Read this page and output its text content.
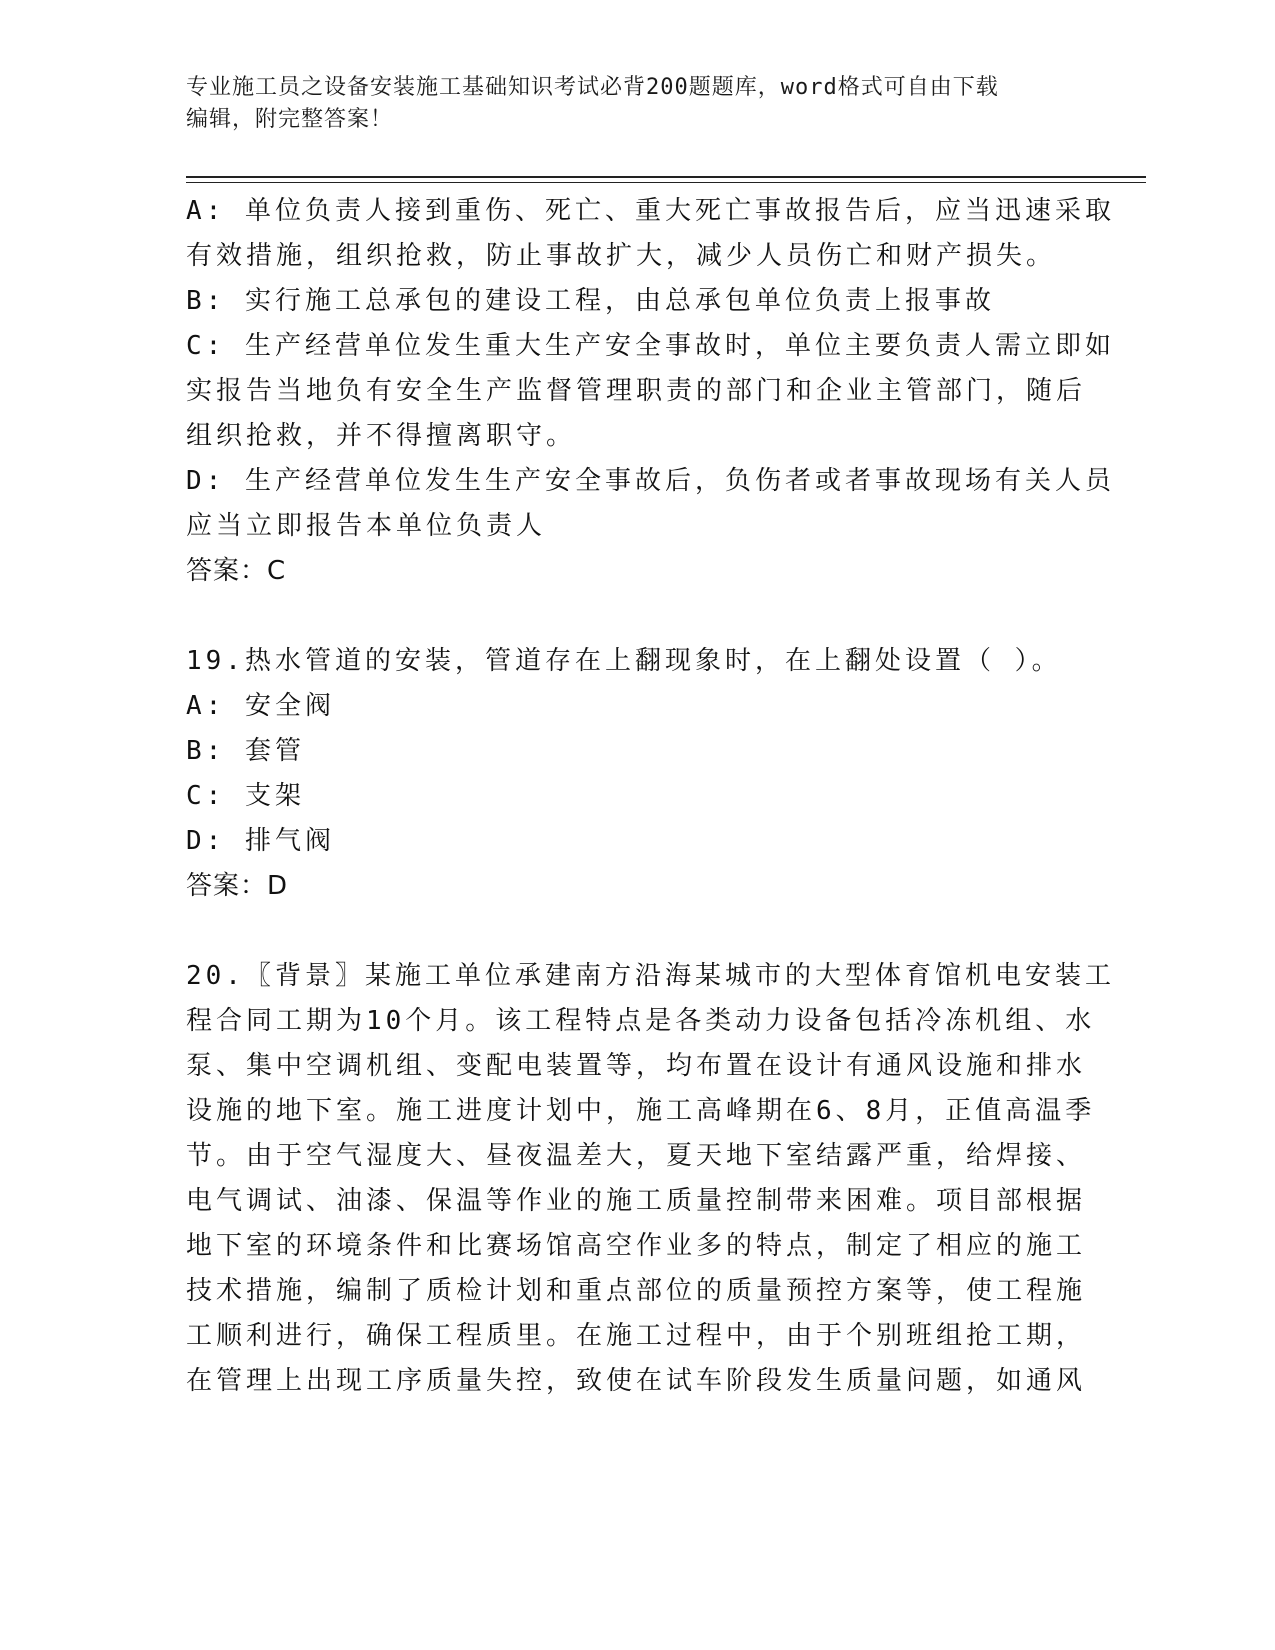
专业施工员之设备安装施工基础知识考试必背200题题库，word格式可自由下载
编辑，附完整答案！
A: 单位负责人接到重伤、死亡、重大死亡事故报告后，应当迅速采取
有效措施，组织抢救，防止事故扩大，减少人员伤亡和财产损失。
B: 实行施工总承包的建设工程，由总承包单位负责上报事故
C: 生产经营单位发生重大生产安全事故时，单位主要负责人需立即如
实报告当地负有安全生产监督管理职责的部门和企业主管部门，随后
组织抢救，并不得擅离职守。
D: 生产经营单位发生生产安全事故后，负伤者或者事故现场有关人员
应当立即报告本单位负责人
答案：C
19.热水管道的安装，管道存在上翻现象时，在上翻处设置（ ）。
A: 安全阀
B: 套管
C: 支架
D: 排气阀
答案：D
20.〖背景〗某施工单位承建南方沿海某城市的大型体育馆机电安装工
程合同工期为10个月。该工程特点是各类动力设备包括冷冻机组、水
泵、集中空调机组、变配电装置等，均布置在设计有通风设施和排水
设施的地下室。施工进度计划中，施工高峰期在6、8月，正值高温季
节。由于空气湿度大、昼夜温差大，夏天地下室结露严重，给焊接、
电气调试、油漆、保温等作业的施工质量控制带来困难。项目部根据
地下室的环境条件和比赛场馆高空作业多的特点，制定了相应的施工
技术措施，编制了质检计划和重点部位的质量预控方案等，使工程施
工顺利进行，确保工程质里。在施工过程中，由于个别班组抢工期，
在管理上出现工序质量失控，致使在试车阶段发生质量问题，如通风
